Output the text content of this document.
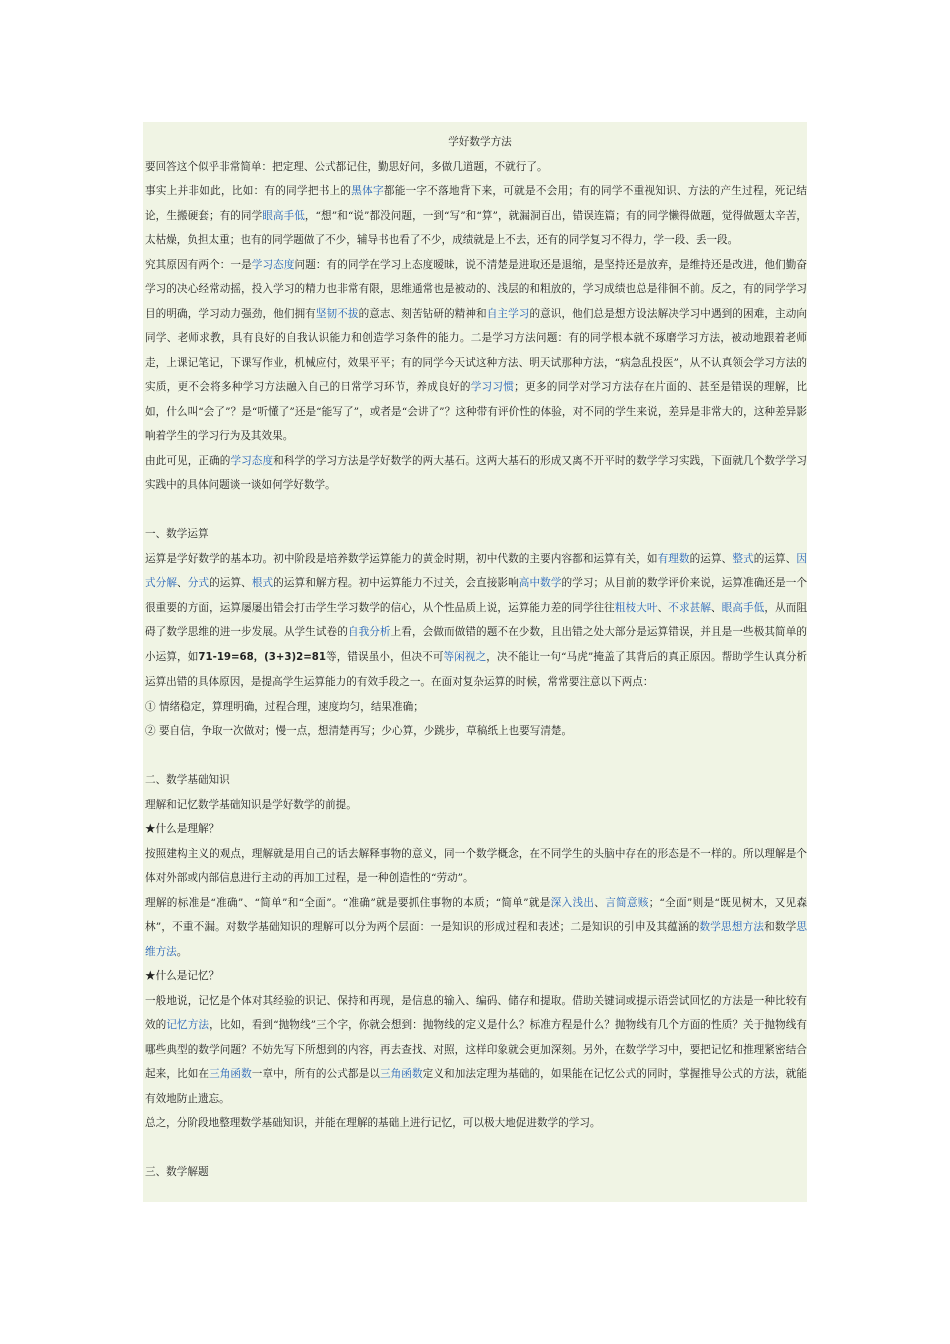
学好数学方法

要回答这个似乎非常简单：把定理、公式都记住，勤思好问，多做几道题，不就行了。

事实上并非如此，比如：有的同学把书上的黑体字都能一字不落地背下来，可就是不会用；有的同学不重视知识、方法的产生过程，死记结论，生搬硬套；有的同学眼高手低，“想”和“说”都没问题，一到“写”和“算”，就漏洞百出，错误连篇；有的同学懒得做题，觉得做题太辛苦，太枯燥，负担太重；也有的同学题做了不少，辅导书也看了不少，成绩就是上不去，还有的同学复习不得力，学一段、丢一段。

究其原因有两个：一是学习态度问题：有的同学在学习上态度暧昧，说不清楚是进取还是退缩，是坚持还是放弃，是维持还是改进，他们勤奋学习的决心经常动摇，投入学习的精力也非常有限，思维通常也是被动的、浅层的和粗放的，学习成绩也总是徘徊不前。反之，有的同学学习目的明确，学习动力强劲，他们拥有坚韧不拔的意志、刻苦钻研的精神和自主学习的意识，他们总是想方设法解决学习中遇到的困难，主动向同学、老师求教，具有良好的自我认识能力和创造学习条件的能力。二是学习方法问题：有的同学根本就不琢磨学习方法，被动地跟着老师走，上课记笔记，下课写作业，机械应付，效果平平；有的同学今天试这种方法、明天试那种方法，“病急乱投医”，从不认真领会学习方法的实质，更不会将多种学习方法融入自己的日常学习环节，养成良好的学习习惯；更多的同学对学习方法存在片面的、甚至是错误的理解，比如，什么叫“会了”？是“听懂了”还是“能写了”，或者是“会讲了”？这种带有评价性的体验，对不同的学生来说，差异是非常大的，这种差异影响着学生的学习行为及其效果。

由此可见，正确的学习态度和科学的学习方法是学好数学的两大基石。这两大基石的形成又离不开平时的数学学习实践，下面就几个数学学习实践中的具体问题谈一谈如何学好数学。

一、数学运算

运算是学好数学的基本功。初中阶段是培养数学运算能力的黄金时期，初中代数的主要内容都和运算有关，如有理数的运算、整式的运算、因式分解、分式的运算、根式的运算和解方程。初中运算能力不过关，会直接影响高中数学的学习；从目前的数学评价来说，运算准确还是一个很重要的方面，运算屡屡出错会打击学生学习数学的信心，从个性品质上说，运算能力差的同学往往粗枝大叶、不求甚解、眼高手低，从而阻碍了数学思维的进一步发展。从学生试卷的自我分析上看，会做而做错的题不在少数，且出错之处大部分是运算错误，并且是一些极其简单的小运算，如71-19=68，(3+3)2=81等，错误虽小，但决不可等闲视之，决不能让一句“马虎”掩盖了其背后的真正原因。帮助学生认真分析运算出错的具体原因，是提高学生运算能力的有效手段之一。在面对复杂运算的时候，常常要注意以下两点：

① 情绪稳定，算理明确，过程合理，速度均匀，结果准确；

② 要自信，争取一次做对；慢一点，想清楚再写；少心算，少跳步，草稿纸上也要写清楚。

二、数学基础知识

理解和记忆数学基础知识是学好数学的前提。

★什么是理解？

按照建构主义的观点，理解就是用自己的话去解释事物的意义，同一个数学概念，在不同学生的头脑中存在的形态是不一样的。所以理解是个体对外部或内部信息进行主动的再加工过程，是一种创造性的“劳动”。

理解的标准是“准确”、“简单”和“全面”。“准确”就是要抓住事物的本质；“简单”就是深入浅出、言简意赅；“全面”则是“既见树木，又见森林”，不重不漏。对数学基础知识的理解可以分为两个层面：一是知识的形成过程和表述；二是知识的引申及其蕴涵的数学思想方法和数学思维方法。

★什么是记忆？

一般地说，记忆是个体对其经验的识记、保持和再现，是信息的输入、编码、储存和提取。借助关键词或提示语尝试回忆的方法是一种比较有效的记忆方法，比如，看到“抛物线”三个字，你就会想到：抛物线的定义是什么？标准方程是什么？抛物线有几个方面的性质？关于抛物线有哪些典型的数学问题？不妨先写下所想到的内容，再去查找、对照，这样印象就会更加深刻。另外，在数学学习中，要把记忆和推理紧密结合起来，比如在三角函数一章中，所有的公式都是以三角函数定义和加法定理为基础的，如果能在记忆公式的同时，掌握推导公式的方法，就能有效地防止遗忘。

总之，分阶段地整理数学基础知识，并能在理解的基础上进行记忆，可以极大地促进数学的学习。

三、数学解题
